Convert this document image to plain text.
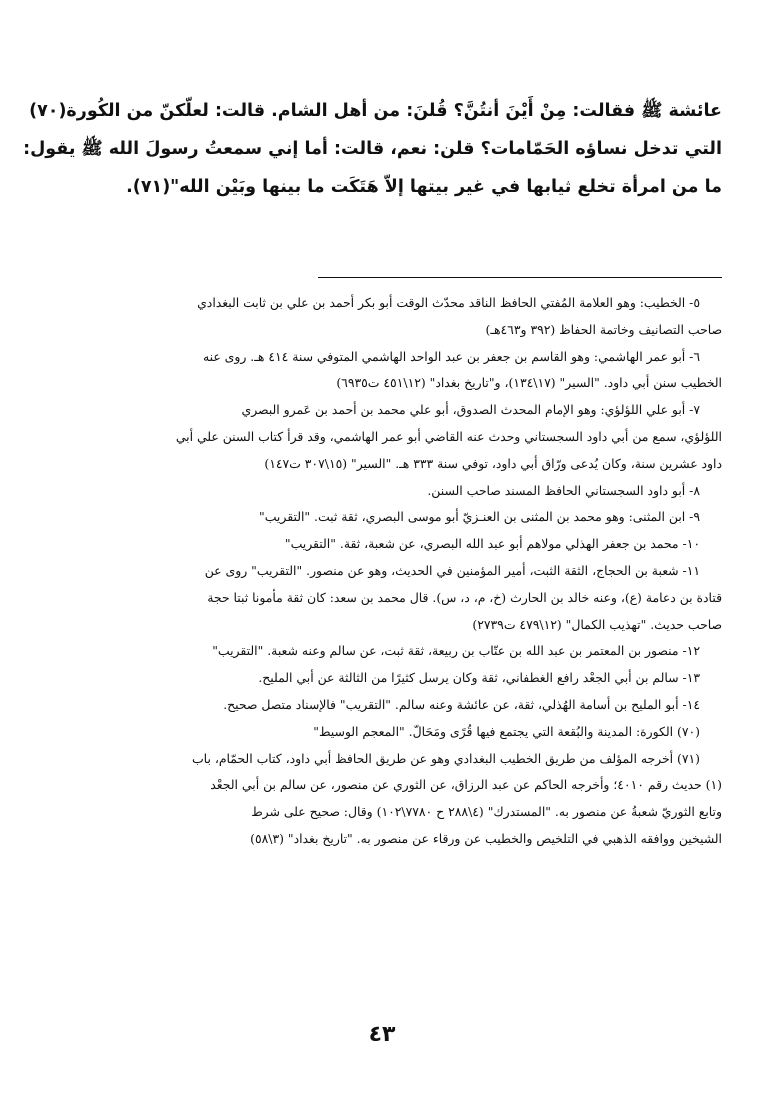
عائشة ﷺ فقالت: مِنْ أَيْنَ أنتُنَّ؟ قُلنَ: من أهل الشام. قالت: لعلّكنّ من الكُورة(٧٠)
التي تدخل نساؤه الحَمّامات؟ قلن: نعم، قالت: أما إني سمعتُ رسولَ الله ﷺ يقول:
ما من امرأة تخلع ثيابها في غير بيتها إلاّ هَتَكَت ما بينها وبَيْن الله"(٧١).
٥- الخطيب: وهو العلامة المُفتي الحافظ الناقد محدّث الوقت أبو بكر أحمد بن علي بن ثابت البغدادي
صاحب التصانيف وخاتمة الحفاظ (٣٩٢ و٤٦٣هـ)
٦- أبو عمر الهاشمي: وهو القاسم بن جعفر بن عبد الواحد الهاشمي المتوفي سنة ٤١٤ هـ. روى عنه
الخطيب سنن أبي داود. "السير" (١٧\١٣٤)، و"تاريخ بغداد" (١٢\٤٥١ ت٦٩٣٥)
٧- أبو علي اللؤلؤي: وهو الإمام المحدث الصدوق، أبو علي محمد بن أحمد بن عَمرو البصري
اللؤلؤي، سمع من أبي داود السجستاني وحدث عنه القاضي أبو عمر الهاشمي، وقد قرأ كتاب السنن علي أبي
داود عشرين سنة، وكان يُدعى ورّاق أبي داود، توفي سنة ٣٣٣ هـ. "السير" (١٥\٣٠٧ ت١٤٧)
٨- أبو داود السجستاني الحافظ المسند صاحب السنن.
٩- ابن المثنى: وهو محمد بن المثنى بن العنـزيّ أبو موسى البصري، ثقة ثبت. "التقريب"
١٠- محمد بن جعفر الهذلي مولاهم أبو عبد الله البصري، عن شعبة، ثقة. "التقريب"
١١- شعبة بن الحجاج، الثقة الثبت، أمير المؤمنين في الحديث، وهو عن منصور. "التقريب" روى عن
قتادة بن دعامة (ع)، وعنه خالد بن الحارث (خ، م، د، س). قال محمد بن سعد: كان ثقة مأمونا ثبتا حجة
صاحب حديث. "تهذيب الكمال" (١٢\٤٧٩ ت٢٧٣٩)
١٢- منصور بن المعتمر بن عبد الله بن عتّاب بن ربيعة، ثقة ثبت، عن سالم وعنه شعبة. "التقريب"
١٣- سالم بن أبي الجعْد رافع الغطفاني، ثقة وكان يرسل كثيرًا من الثالثة عن أبي المليح.
١٤- أبو المليح بن أسامة الهُذلي، ثقة، عن عائشة وعنه سالم. "التقريب" فالإسناد متصل صحيح.
(٧٠) الكورة: المدينة والبُقعة التي يجتمع فيها قُرًى ومَحَالّ. "المعجم الوسيط"
(٧١) أخرجه المؤلف من طريق الخطيب البغدادي وهو عن طريق الحافظ أبي داود، كتاب الحمّام، باب
(١) حديث رقم ٤٠١٠؛ وأخرجه الحاكم عن عبد الرزاق، عن الثوري عن منصور، عن سالم بن أبي الجعْد
وتابع الثوريّ شعبةُ عن منصور به. "المستدرك" (٤\٢٨٨ ح ٧٧٨٠\١٠٢) وقال: صحيح على شرط
الشيخين ووافقه الذهبي في التلخيص والخطيب عن ورقاء عن منصور به. "تاريخ بغداد" (٣\٥٨)
٤٣
